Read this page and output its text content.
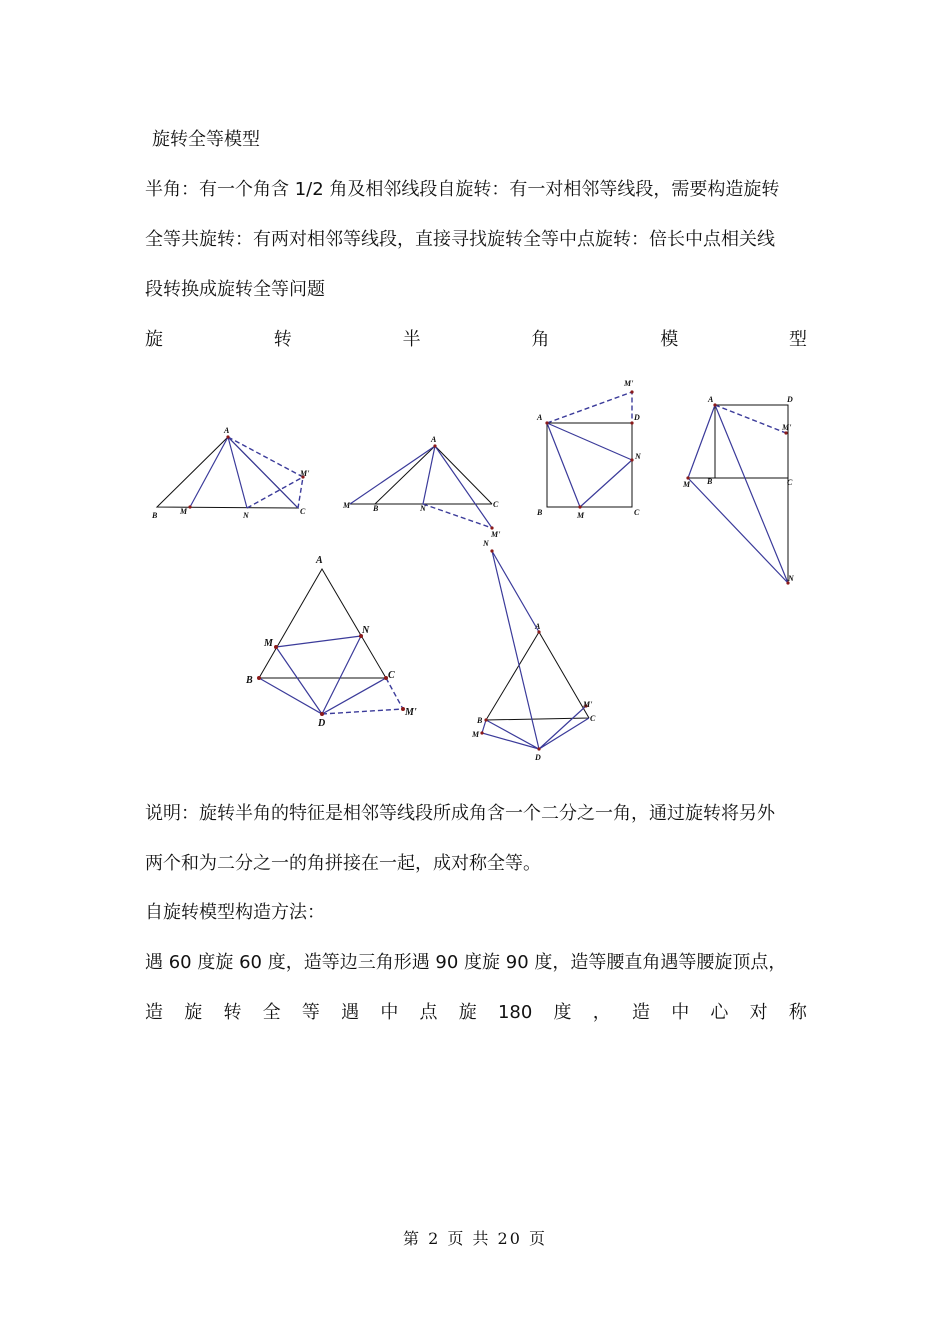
旋转全等模型
半角：有一个角含 1/2 角及相邻线段自旋转：有一对相邻等线段，需要构造旋转
全等共旋转：有两对相邻等线段，直接寻找旋转全等中点旋转：倍长中点相关线
段转换成旋转全等问题
旋	转	半	角	模	型
A
B	M	N	C
M'
A
M	B	N	C
M'
M'
A	D
N
B	M	C
A	D
M'
M B	C
N
A
M
N
B	C
D
M'
N
A
M'
B	C
M
D
说明：旋转半角的特征是相邻等线段所成角含一个二分之一角，通过旋转将另外
两个和为二分之一的角拼接在一起，成对称全等。
自旋转模型构造方法：
遇 60 度旋 60 度，造等边三角形遇 90 度旋 90 度，造等腰直角遇等腰旋顶点，
造 旋 转 全 等 遇 中 点 旋 180 度 ， 造 中 心 对 称
第 2 页 共 20 页
